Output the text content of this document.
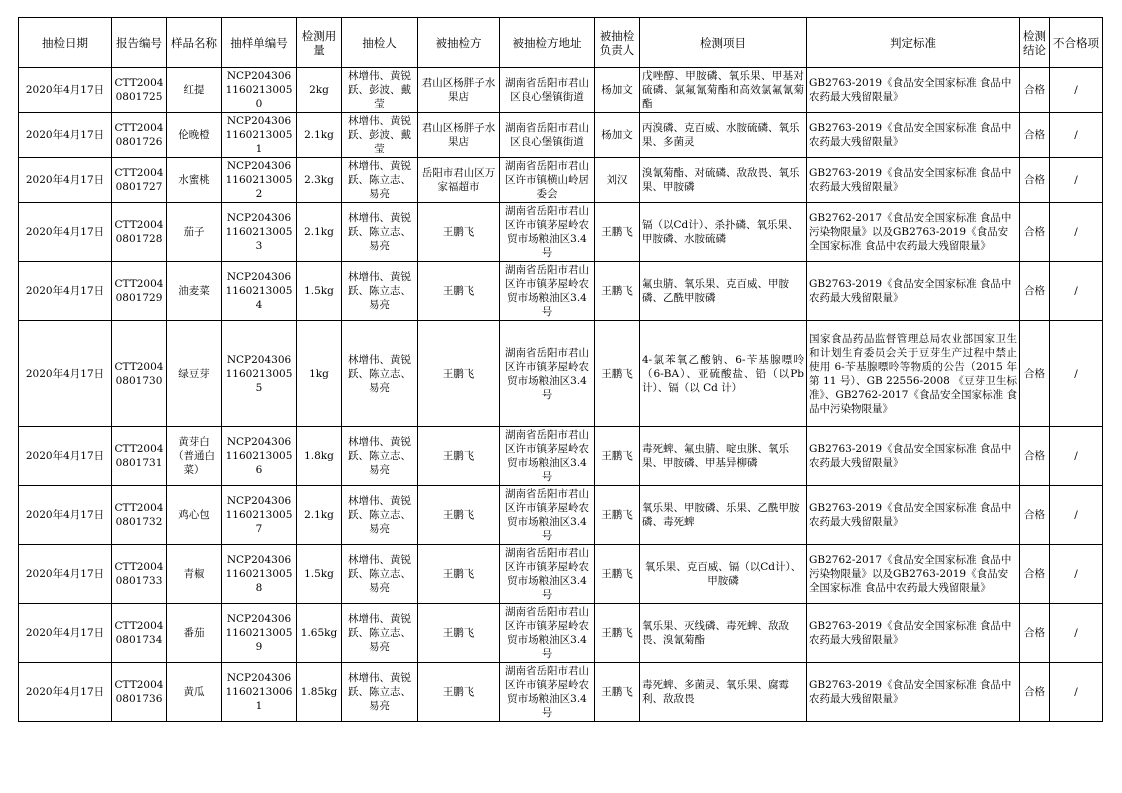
抽检日期	报告编号	样品名称	抽样单编号	检测用量	抽检人	被抽检方	被抽检方地址	被抽检负责人	检测项目	判定标准	检测结论	不合格项
2020年4月17日	CTT20040801725	红提	NCP20430611602130050	2kg	林增伟、黄锐跃、彭波、戴莹	君山区杨胖子水果店	湖南省岳阳市君山区良心堡镇街道	杨加文	戊唑醇、甲胺磷、氧乐果、甲基对硫磷、氯氟氰菊酯和高效氯氟氰菊酯	GB2763-2019《食品安全国家标准 食品中农药最大残留限量》	合格	/
2020年4月17日	CTT20040801726	伦晚橙	NCP20430611602130051	2.1kg	林增伟、黄锐跃、彭波、戴莹	君山区杨胖子水果店	湖南省岳阳市君山区良心堡镇街道	杨加文	丙溴磷、克百威、水胺硫磷、氧乐果、多菌灵	GB2763-2019《食品安全国家标准 食品中农药最大残留限量》	合格	/
2020年4月17日	CTT20040801727	水蜜桃	NCP20430611602130052	2.3kg	林增伟、黄锐跃、陈立志、易亮	岳阳市君山区万家福超市	湖南省岳阳市君山区许市镇横山岭居委会	刘汉	溴氰菊酯、对硫磷、敌敌畏、氧乐果、甲胺磷	GB2763-2019《食品安全国家标准 食品中农药最大残留限量》	合格	/
2020年4月17日	CTT20040801728	茄子	NCP20430611602130053	2.1kg	林增伟、黄锐跃、陈立志、易亮	王鹏飞	湖南省岳阳市君山区许市镇茅屋岭农贸市场粮油区3.4号	王鹏飞	镉（以Cd计）、杀扑磷、氧乐果、甲胺磷、水胺硫磷	GB2762-2017《食品安全国家标准 食品中污染物限量》以及GB2763-2019《食品安全国家标准 食品中农药最大残留限量》	合格	/
2020年4月17日	CTT20040801729	油麦菜	NCP20430611602130054	1.5kg	林增伟、黄锐跃、陈立志、易亮	王鹏飞	湖南省岳阳市君山区许市镇茅屋岭农贸市场粮油区3.4号	王鹏飞	氟虫腈、氧乐果、克百威、甲胺磷、乙酰甲胺磷	GB2763-2019《食品安全国家标准 食品中农药最大残留限量》	合格	/
2020年4月17日	CTT20040801730	绿豆芽	NCP20430611602130055	1kg	林增伟、黄锐跃、陈立志、易亮	王鹏飞	湖南省岳阳市君山区许市镇茅屋岭农贸市场粮油区3.4号	王鹏飞	4-氯苯氧乙酸钠、6-苄基腺嘌呤（6-BA）、亚硫酸盐、铅（以Pb计）、镉（以 Cd 计）	国家食品药品监督管理总局农业部国家卫生和计划生育委员会关于豆芽生产过程中禁止使用 6-苄基腺嘌呤等物质的公告（2015 年第 11 号）、GB 22556-2008 《豆芽卫生标准》、GB2762-2017《食品安全国家标准 食品中污染物限量》	合格	/
2020年4月17日	CTT20040801731	黄芽白（普通白菜）	NCP20430611602130056	1.8kg	林增伟、黄锐跃、陈立志、易亮	王鹏飞	湖南省岳阳市君山区许市镇茅屋岭农贸市场粮油区3.4号	王鹏飞	毒死蜱、氟虫腈、啶虫脒、氧乐果、甲胺磷、甲基异柳磷	GB2763-2019《食品安全国家标准 食品中农药最大残留限量》	合格	/
2020年4月17日	CTT20040801732	鸡心包	NCP20430611602130057	2.1kg	林增伟、黄锐跃、陈立志、易亮	王鹏飞	湖南省岳阳市君山区许市镇茅屋岭农贸市场粮油区3.4号	王鹏飞	氧乐果、甲胺磷、乐果、乙酰甲胺磷、毒死蜱	GB2763-2019《食品安全国家标准 食品中农药最大残留限量》	合格	/
2020年4月17日	CTT20040801733	青椒	NCP20430611602130058	1.5kg	林增伟、黄锐跃、陈立志、易亮	王鹏飞	湖南省岳阳市君山区许市镇茅屋岭农贸市场粮油区3.4号	王鹏飞	氧乐果、克百威、镉（以Cd计）、甲胺磷	GB2762-2017《食品安全国家标准 食品中污染物限量》以及GB2763-2019《食品安全国家标准 食品中农药最大残留限量》	合格	/
2020年4月17日	CTT20040801734	番茄	NCP20430611602130059	1.65kg	林增伟、黄锐跃、陈立志、易亮	王鹏飞	湖南省岳阳市君山区许市镇茅屋岭农贸市场粮油区3.4号	王鹏飞	氧乐果、灭线磷、毒死蜱、敌敌畏、溴氰菊酯	GB2763-2019《食品安全国家标准 食品中农药最大残留限量》	合格	/
2020年4月17日	CTT20040801736	黄瓜	NCP20430611602130061	1.85kg	林增伟、黄锐跃、陈立志、易亮	王鹏飞	湖南省岳阳市君山区许市镇茅屋岭农贸市场粮油区3.4号	王鹏飞	毒死蜱、多菌灵、氧乐果、腐霉利、敌敌畏	GB2763-2019《食品安全国家标准 食品中农药最大残留限量》	合格	/
